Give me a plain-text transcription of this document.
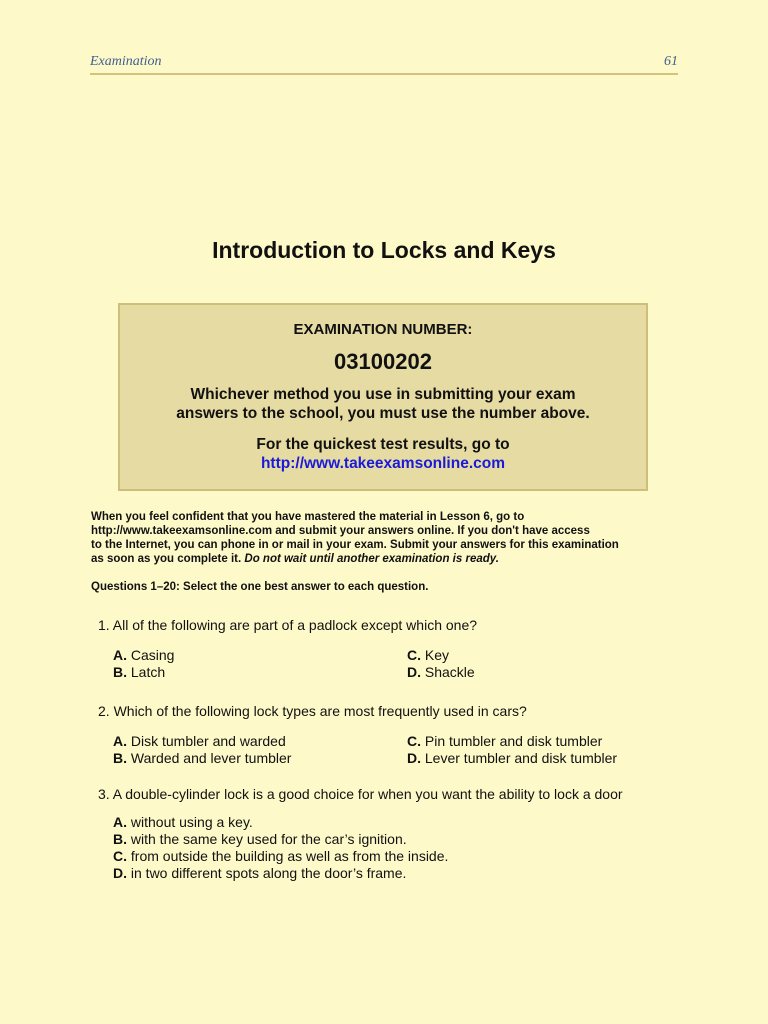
Examination	61
Introduction to Locks and Keys
EXAMINATION NUMBER:
03100202
Whichever method you use in submitting your exam
answers to the school, you must use the number above.
For the quickest test results, go to
http://www.takeexamsonline.com
When you feel confident that you have mastered the material in Lesson 6, go to
http://www.takeexamsonline.com and submit your answers online. If you don't have access
to the Internet, you can phone in or mail in your exam. Submit your answers for this examination
as soon as you complete it. Do not wait until another examination is ready.
Questions 1–20: Select the one best answer to each question.
1. All of the following are part of a padlock except which one?
A. Casing
B. Latch
C. Key
D. Shackle
2. Which of the following lock types are most frequently used in cars?
A. Disk tumbler and warded
B. Warded and lever tumbler
C. Pin tumbler and disk tumbler
D. Lever tumbler and disk tumbler
3. A double-cylinder lock is a good choice for when you want the ability to lock a door
A. without using a key.
B. with the same key used for the car’s ignition.
C. from outside the building as well as from the inside.
D. in two different spots along the door’s frame.
